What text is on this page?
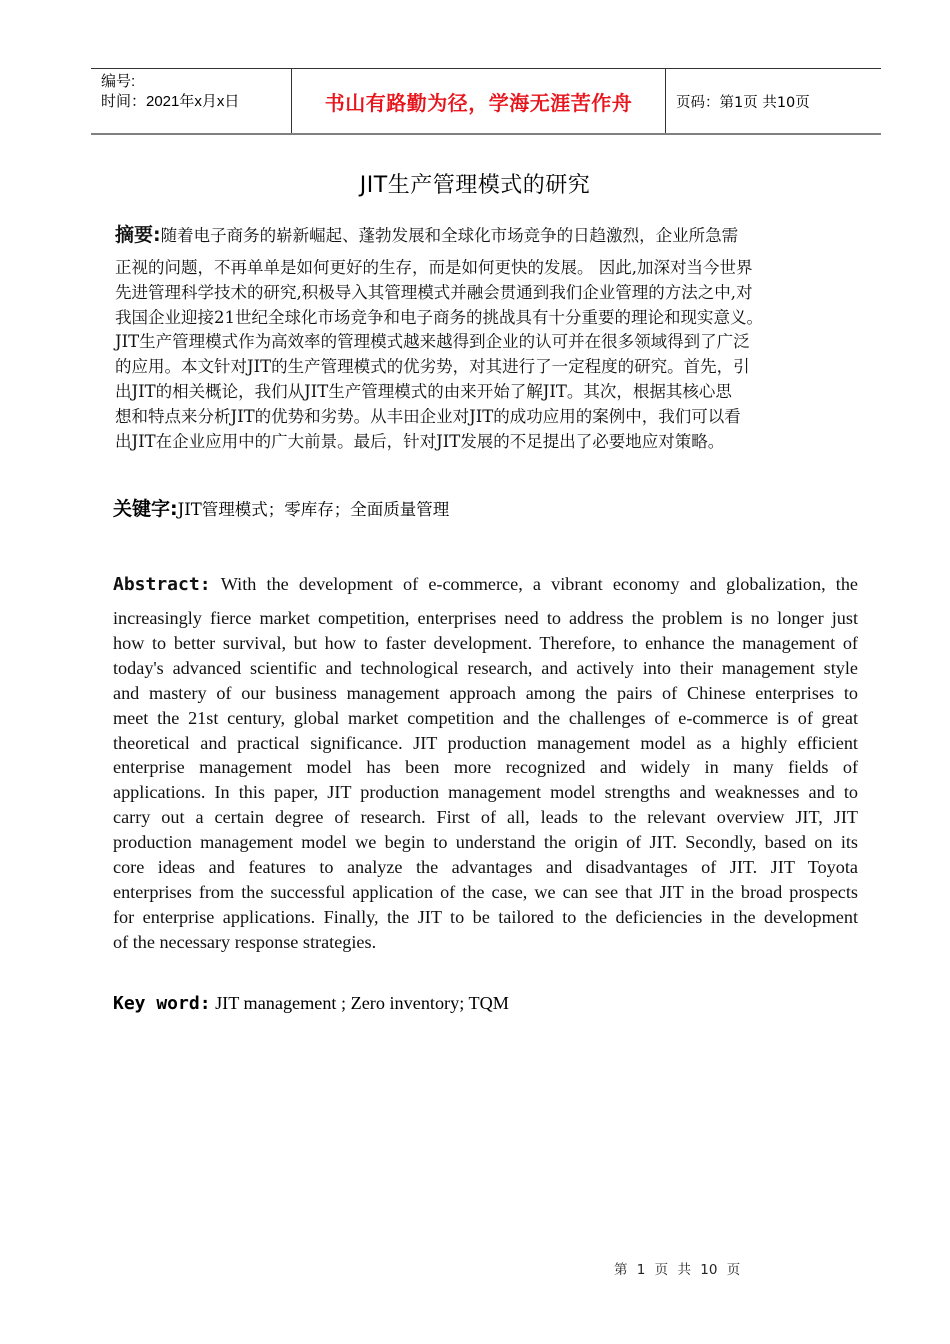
编号:
时间：2021年x月x日	书山有路勤为径，学海无涯苦作舟	页码：第1页 共10页
JIT生产管理模式的研究
摘要:随着电子商务的崭新崛起、蓬勃发展和全球化市场竞争的日趋激烈，企业所急需
正视的问题，不再单单是如何更好的生存，而是如何更快的发展。 因此,加深对当今世界
先进管理科学技术的研究,积极导入其管理模式并融会贯通到我们企业管理的方法之中,对
我国企业迎接21世纪全球化市场竞争和电子商务的挑战具有十分重要的理论和现实意义。
JIT生产管理模式作为高效率的管理模式越来越得到企业的认可并在很多领域得到了广泛
的应用。本文针对JIT的生产管理模式的优劣势，对其进行了一定程度的研究。首先，引
出JIT的相关概论，我们从JIT生产管理模式的由来开始了解JIT。其次，根据其核心思
想和特点来分析JIT的优势和劣势。从丰田企业对JIT的成功应用的案例中，我们可以看
出JIT在企业应用中的广大前景。最后，针对JIT发展的不足提出了必要地应对策略。
关键字:JIT管理模式；零库存；全面质量管理
Abstract: With the development of e-commerce, a vibrant economy and globalization, the
increasingly fierce market competition, enterprises need to address the problem is no longer just
how to better survival, but how to faster development. Therefore, to enhance the management of
today's advanced scientific and technological research, and actively into their management style
and mastery of our business management approach among the pairs of Chinese enterprises to
meet the 21st century, global market competition and the challenges of e-commerce is of great
theoretical and practical significance. JIT production management model as a highly efficient
enterprise management model has been more recognized and widely in many fields of
applications. In this paper, JIT production management model strengths and weaknesses and to
carry out a certain degree of research. First of all, leads to the relevant overview JIT, JIT
production management model we begin to understand the origin of JIT. Secondly, based on its
core ideas and features to analyze the advantages and disadvantages of JIT. JIT Toyota
enterprises from the successful application of the case, we can see that JIT in the broad prospects
for enterprise applications. Finally, the JIT to be tailored to the deficiencies in the development
of the necessary response strategies.
Key word: JIT management ; Zero inventory; TQM
第 1 页 共 10 页
